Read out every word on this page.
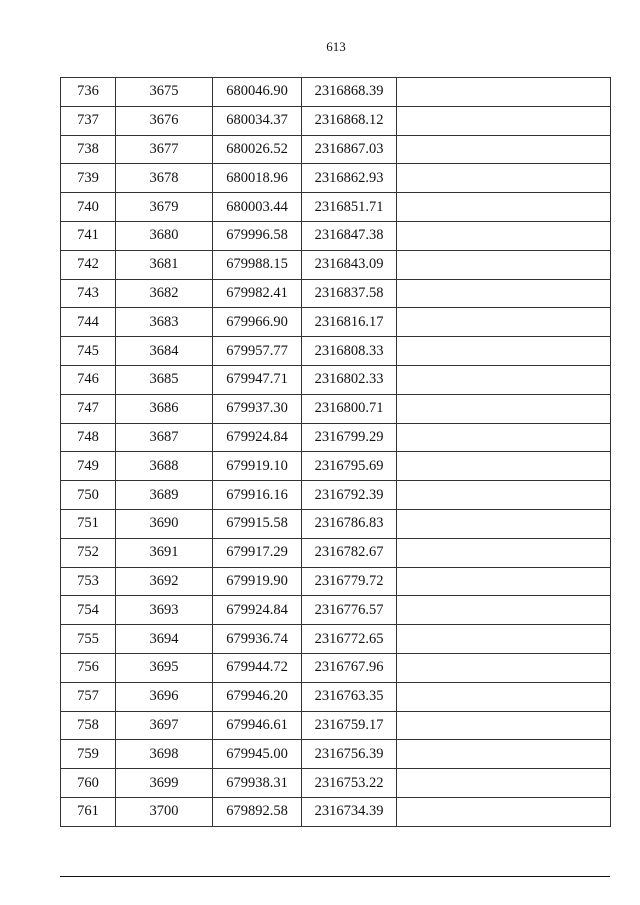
613
736	3675	680046.90	2316868.39	
737	3676	680034.37	2316868.12	
738	3677	680026.52	2316867.03	
739	3678	680018.96	2316862.93	
740	3679	680003.44	2316851.71	
741	3680	679996.58	2316847.38	
742	3681	679988.15	2316843.09	
743	3682	679982.41	2316837.58	
744	3683	679966.90	2316816.17	
745	3684	679957.77	2316808.33	
746	3685	679947.71	2316802.33	
747	3686	679937.30	2316800.71	
748	3687	679924.84	2316799.29	
749	3688	679919.10	2316795.69	
750	3689	679916.16	2316792.39	
751	3690	679915.58	2316786.83	
752	3691	679917.29	2316782.67	
753	3692	679919.90	2316779.72	
754	3693	679924.84	2316776.57	
755	3694	679936.74	2316772.65	
756	3695	679944.72	2316767.96	
757	3696	679946.20	2316763.35	
758	3697	679946.61	2316759.17	
759	3698	679945.00	2316756.39	
760	3699	679938.31	2316753.22	
761	3700	679892.58	2316734.39	
